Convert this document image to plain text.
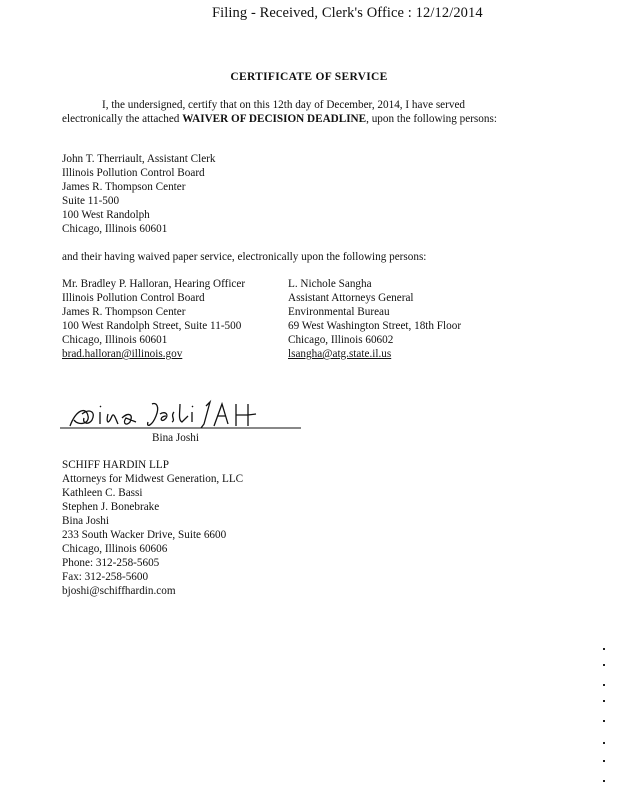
Filing - Received, Clerk's Office : 12/12/2014
CERTIFICATE OF SERVICE
I, the undersigned, certify that on this 12th day of December, 2014, I have served electronically the attached WAIVER OF DECISION DEADLINE, upon the following persons:
John T. Therriault, Assistant Clerk
Illinois Pollution Control Board
James R. Thompson Center
Suite 11-500
100 West Randolph
Chicago, Illinois 60601
and their having waived paper service, electronically upon the following persons:
Mr. Bradley P. Halloran, Hearing Officer
Illinois Pollution Control Board
James R. Thompson Center
100 West Randolph Street, Suite 11-500
Chicago, Illinois 60601
brad.halloran@illinois.gov
L. Nichole Sangha
Assistant Attorneys General
Environmental Bureau
69 West Washington Street, 18th Floor
Chicago, Illinois 60602
lsangha@atg.state.il.us
Bina Joshi
SCHIFF HARDIN LLP
Attorneys for Midwest Generation, LLC
Kathleen C. Bassi
Stephen J. Bonebrake
Bina Joshi
233 South Wacker Drive, Suite 6600
Chicago, Illinois 60606
Phone: 312-258-5605
Fax: 312-258-5600
bjoshi@schiffhardin.com
